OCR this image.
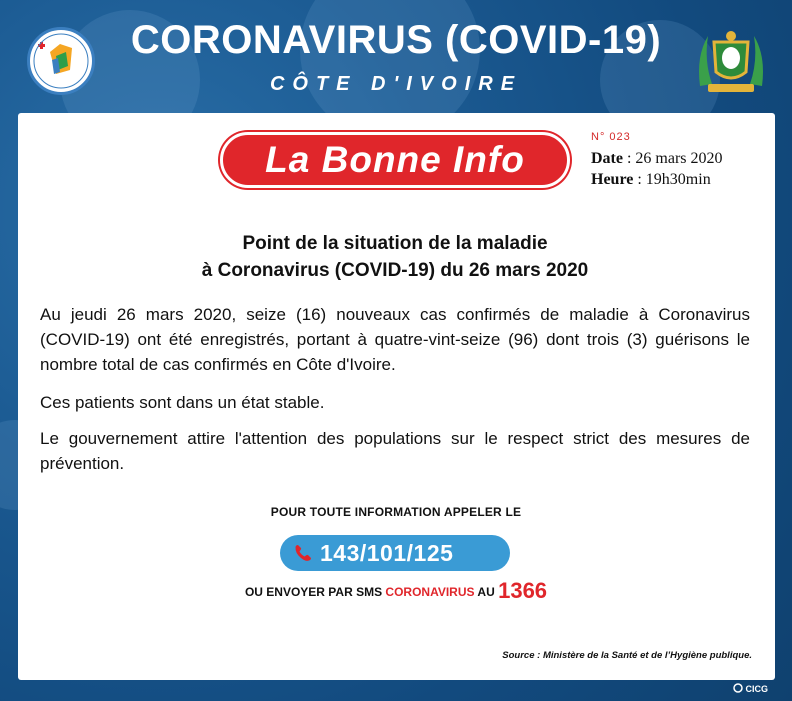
CORONAVIRUS (COVID-19)
CÔTE D'IVOIRE
La Bonne Info
N° 023
Date : 26 mars 2020
Heure : 19h30min
Point de la situation de la maladie
à Coronavirus (COVID-19) du 26 mars 2020
Au jeudi 26 mars 2020, seize (16) nouveaux cas confirmés de maladie à Coronavirus (COVID-19) ont été enregistrés, portant à quatre-vint-seize (96) dont trois (3) guérisons le nombre total de cas confirmés en Côte d'Ivoire.
Ces patients sont dans un état stable.
Le gouvernement attire l'attention des populations sur le respect strict des mesures de prévention.
POUR TOUTE INFORMATION APPELER LE
143/101/125
OU ENVOYER PAR SMS CORONAVIRUS AU 1366
Source : Ministère de la Santé et de l’Hygiène publique.
CICG
